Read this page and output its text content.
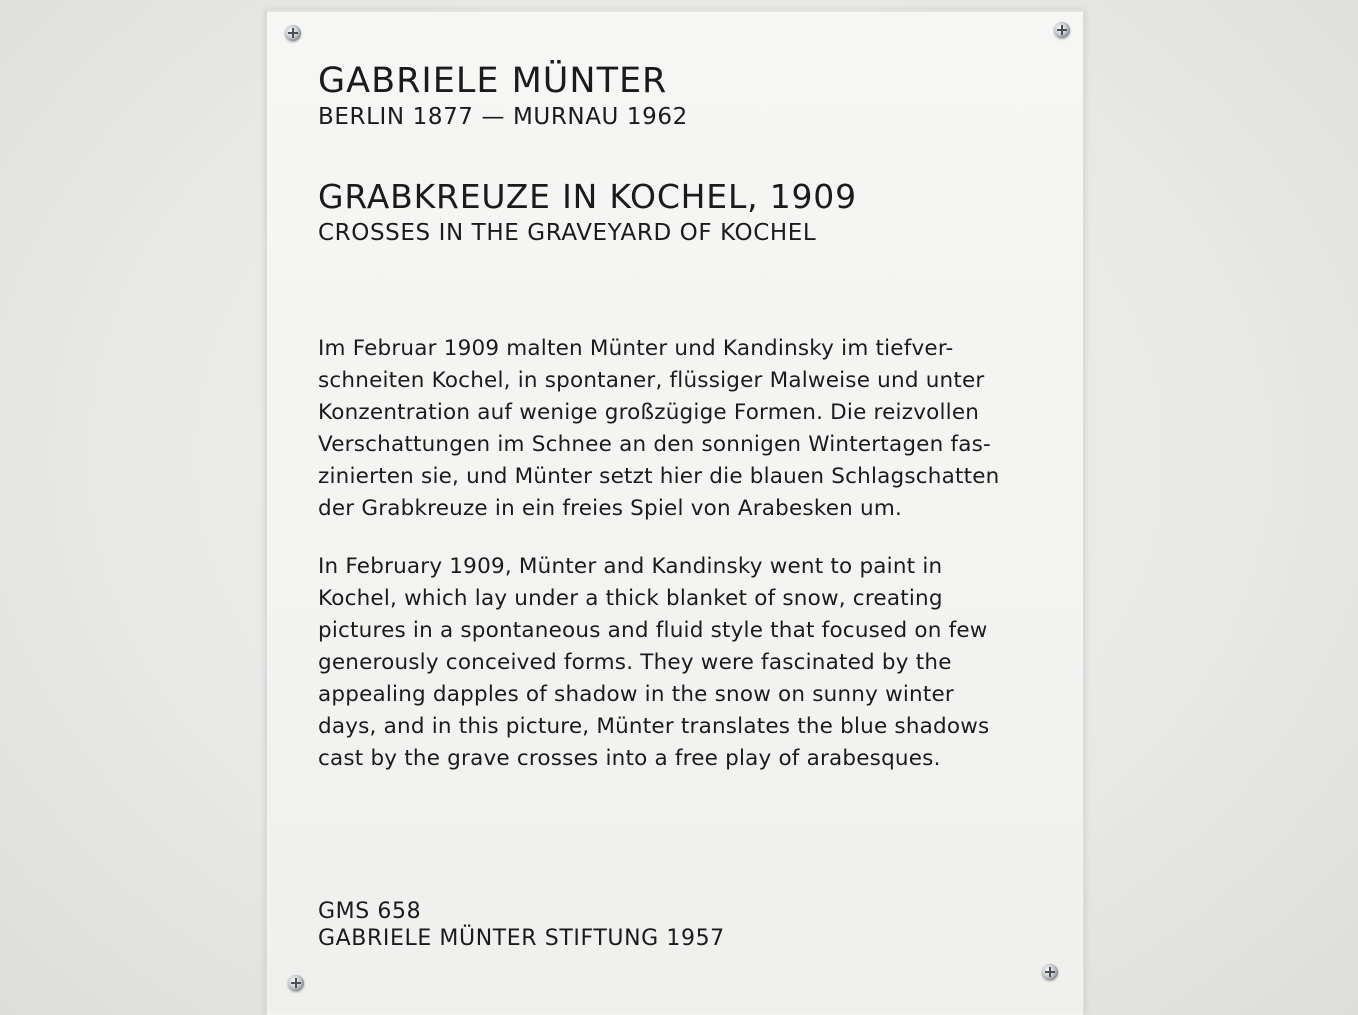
GABRIELE MÜNTER
BERLIN 1877 — MURNAU 1962
GRABKREUZE IN KOCHEL, 1909
CROSSES IN THE GRAVEYARD OF KOCHEL
Im Februar 1909 malten Münter und Kandinsky im tiefver-
schneiten Kochel, in spontaner, flüssiger Malweise und unter
Konzentration auf wenige großzügige Formen. Die reizvollen
Verschattungen im Schnee an den sonnigen Wintertagen fas-
zinierten sie, und Münter setzt hier die blauen Schlagschatten
der Grabkreuze in ein freies Spiel von Arabesken um.
In February 1909, Münter and Kandinsky went to paint in
Kochel, which lay under a thick blanket of snow, creating
pictures in a spontaneous and fluid style that focused on few
generously conceived forms. They were fascinated by the
appealing dapples of shadow in the snow on sunny winter
days, and in this picture, Münter translates the blue shadows
cast by the grave crosses into a free play of arabesques.
GMS 658
GABRIELE MÜNTER STIFTUNG 1957
